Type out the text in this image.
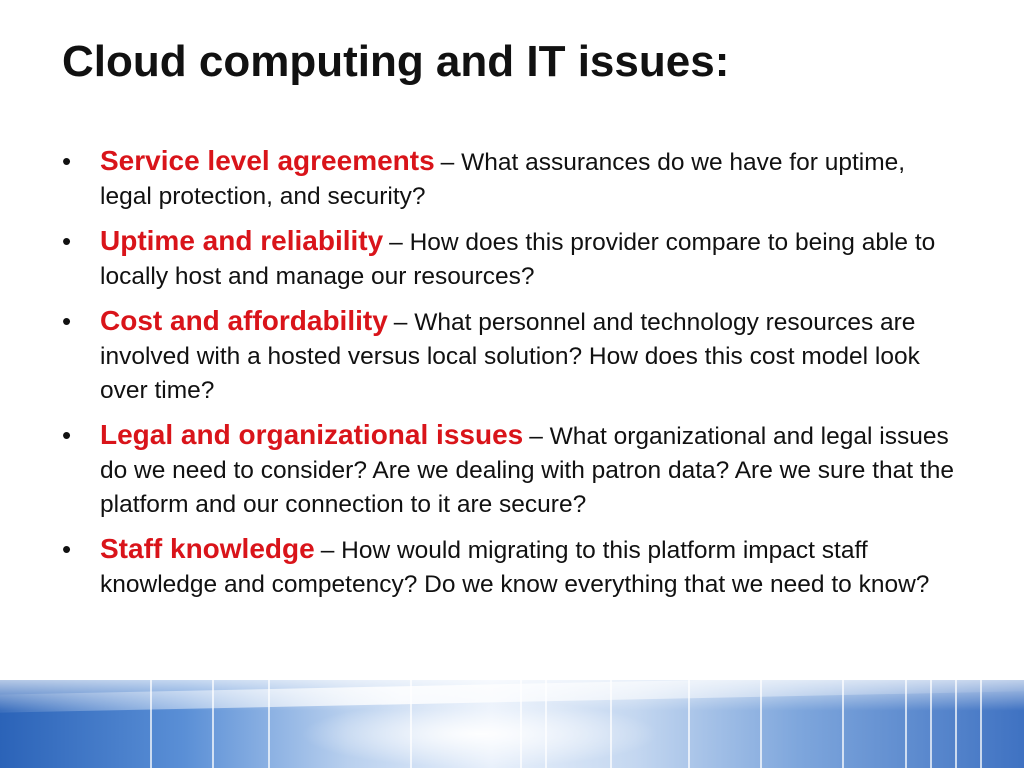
Cloud computing and IT issues:
• Service level agreements – What assurances do we have for uptime, legal protection, and security?
• Uptime and reliability – How does this provider compare to being able to locally host and manage our resources?
• Cost and affordability – What personnel and technology resources are involved with a hosted versus local solution? How does this cost model look over time?
• Legal and organizational issues – What organizational and legal issues do we need to consider? Are we dealing with patron data? Are we sure that the platform and our connection to it are secure?
• Staff knowledge – How would migrating to this platform impact staff knowledge and competency? Do we know everything that we need to know?
